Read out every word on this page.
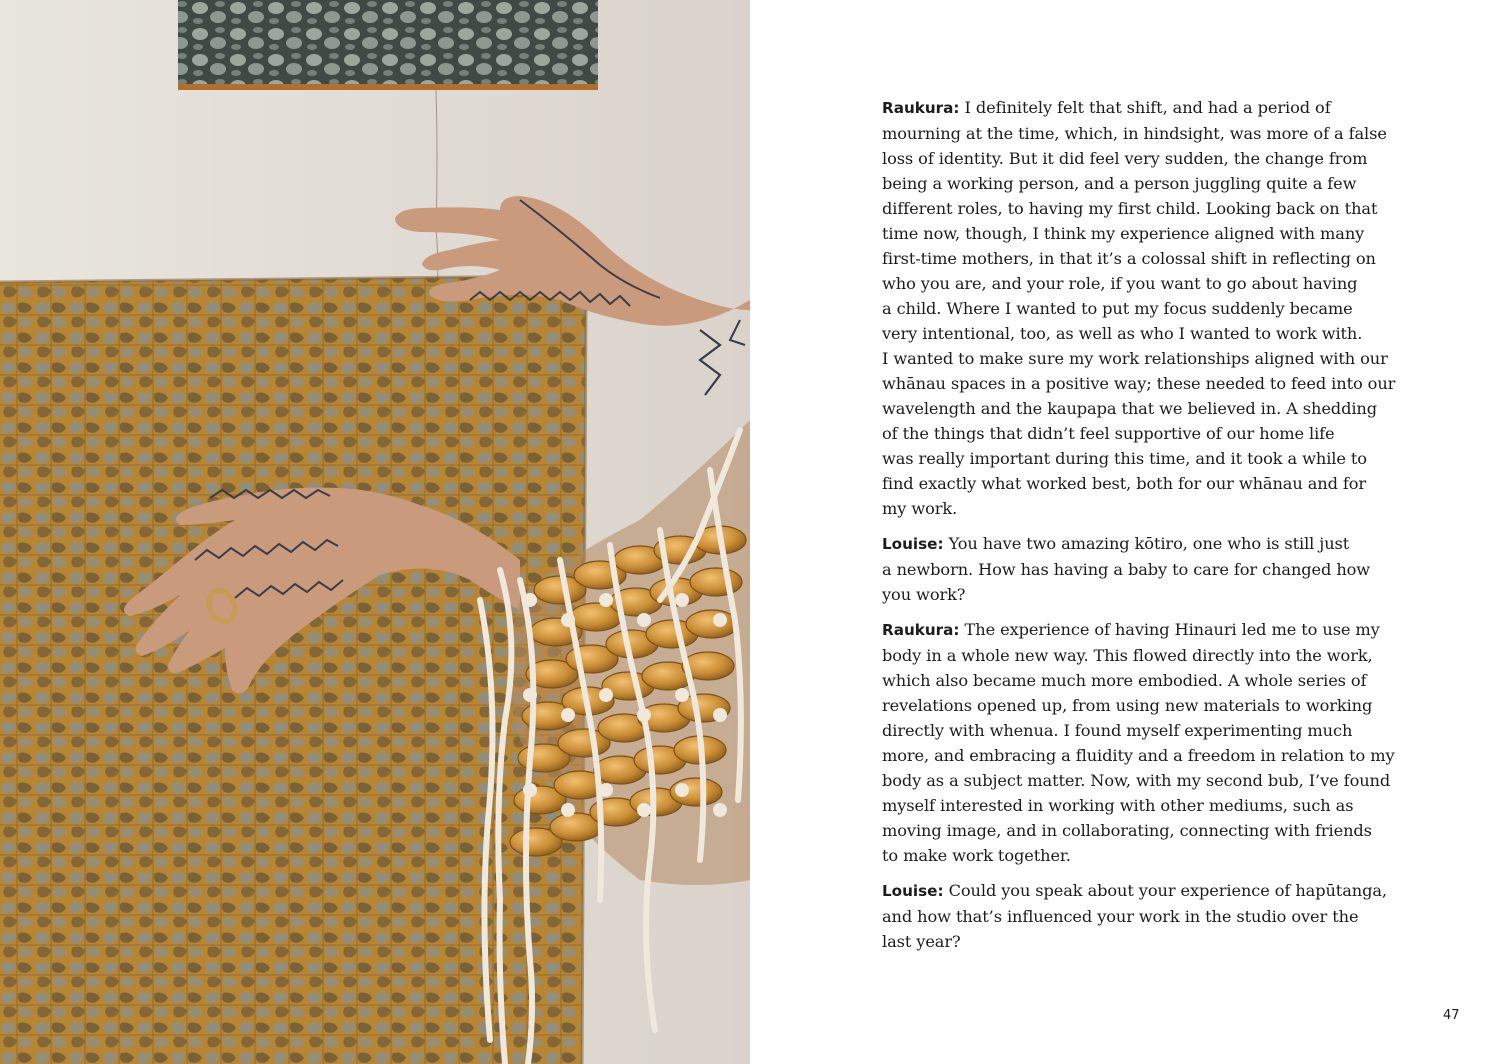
Raukura: I definitely felt that shift, and had a period of
mourning at the time, which, in hindsight, was more of a false
loss of identity. But it did feel very sudden, the change from
being a working person, and a person juggling quite a few
different roles, to having my first child. Looking back on that
time now, though, I think my experience aligned with many
first-time mothers, in that it’s a colossal shift in reflecting on
who you are, and your role, if you want to go about having
a child. Where I wanted to put my focus suddenly became
very intentional, too, as well as who I wanted to work with.
I wanted to make sure my work relationships aligned with our
whānau spaces in a positive way; these needed to feed into our
wavelength and the kaupapa that we believed in. A shedding
of the things that didn’t feel supportive of our home life
was really important during this time, and it took a while to
find exactly what worked best, both for our whānau and for
my work.
Louise: You have two amazing kōtiro, one who is still just
a newborn. How has having a baby to care for changed how
you work?
Raukura: The experience of having Hinauri led me to use my
body in a whole new way. This flowed directly into the work,
which also became much more embodied. A whole series of
revelations opened up, from using new materials to working
directly with whenua. I found myself experimenting much
more, and embracing a fluidity and a freedom in relation to my
body as a subject matter. Now, with my second bub, I’ve found
myself interested in working with other mediums, such as
moving image, and in collaborating, connecting with friends
to make work together.
Louise: Could you speak about your experience of hapūtanga,
and how that’s influenced your work in the studio over the
last year?
47
